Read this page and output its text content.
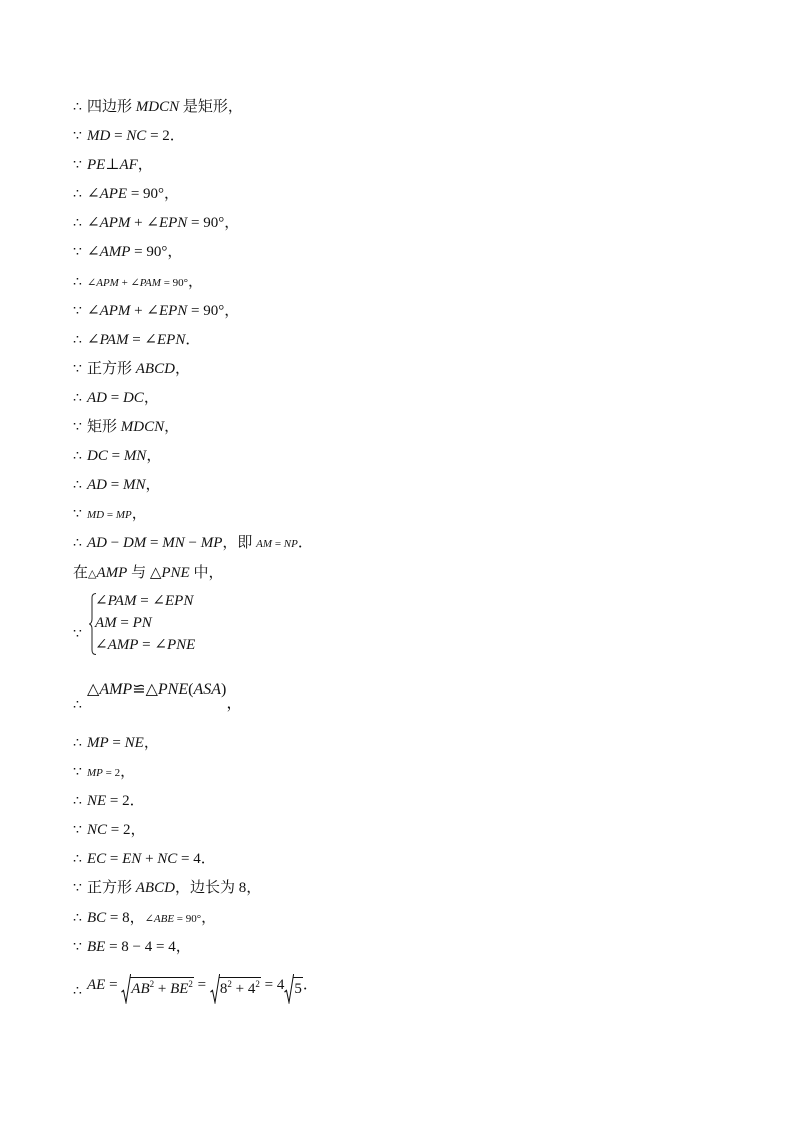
∴ 四边形 MDCN 是矩形，
∵ MD = NC = 2．
∵ PE⊥AF，
∴ ∠APE = 90°，
∴ ∠APM + ∠EPN = 90°，
∵ ∠AMP = 90°，
∴ ∠APM + ∠PAM = 90°，
∵ ∠APM + ∠EPN = 90°，
∴ ∠PAM = ∠EPN．
∵ 正方形 ABCD，
∴ AD = DC，
∵ 矩形 MDCN，
∴ DC = MN，
∴ AD = MN，
∵ MD = MP，
∴ AD − DM = MN − MP，即 AM = NP．
在△AMP 与 △PNE 中，
∵
∠PAM = ∠EPN
AM = PN
∠AMP = ∠PNE
∴
△AMP≌△PNE(ASA)，
∴ MP = NE，
∵ MP = 2，
∴ NE = 2．
∵ NC = 2，
∴ EC = EN + NC = 4．
∵ 正方形 ABCD，边长为 8，
∴ BC = 8，∠ABE = 90°，
∵ BE = 8 − 4 = 4，
∴ AE =
$AB^2 + BE^2$ =
$8^2 + 4^2 = 4$ 5．
